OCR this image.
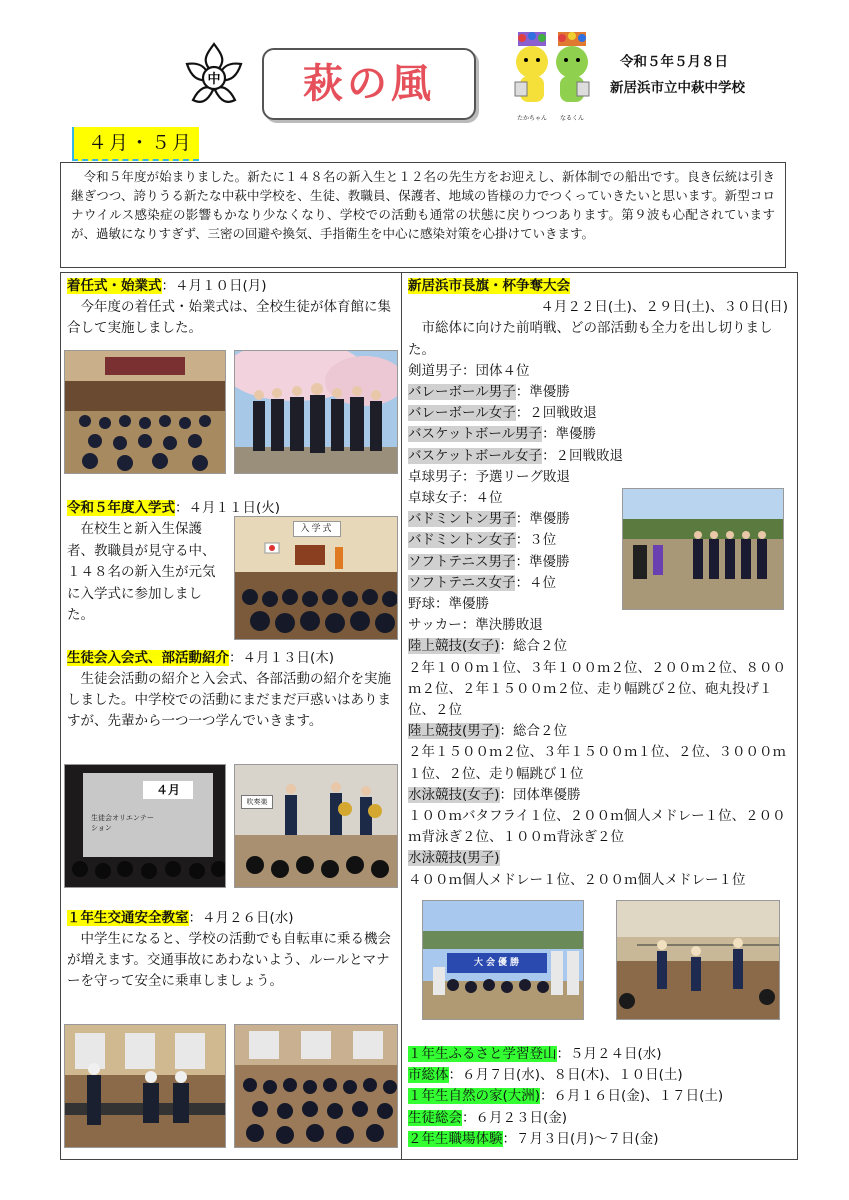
中	萩の風
たかちゃん	なるくん
令和５年５月８日
新居浜市立中萩中学校
４月・５月

　令和５年度が始まりました。新たに１４８名の新入生と１２名の先生方をお迎えし、新体制での船出です。良き伝統は引き継ぎつつ、誇りうる新たな中萩中学校を、生徒、教職員、保護者、地域の皆様の力でつくっていきたいと思います。新型コロナウイルス感染症の影響もかなり少なくなり、学校での活動も通常の状態に戻りつつあります。第９波も心配されていますが、過敏になりすぎず、三密の回避や換気、手指衛生を中心に感染対策を心掛けていきます。

着任式・始業式：４月１０日(月)

　今年度の着任式・始業式は、全校生徒が体育館に集合して実施しました。

令和５年度入学式：４月１１日(火)

　在校生と新入生保護者、教職員が見守る中、１４８名の新入生が元気に入学式に参加しました。

入学式
生徒会入会式、部活動紹介：４月１３日(木)

　生徒会活動の紹介と入会式、各部活動の紹介を実施しました。中学校での活動にまだまだ戸惑いはありますが、先輩から一つ一つ学んでいきます。

４月
生徒会オリエンテーション
吹奏楽
１年生交通安全教室：４月２６日(水)

　中学生になると、学校の活動でも自転車に乗る機会が増えます。交通事故にあわないよう、ルールとマナーを守って安全に乗車しましょう。

新居浜市長旗・杯争奪大会
４月２２日(土)、２９日(土)、３０日(日)

　市総体に向けた前哨戦、どの部活動も全力を出し切りました。

剣道男子：団体４位
バレーボール男子：準優勝
バレーボール女子：２回戦敗退
バスケットボール男子：準優勝
バスケットボール女子：２回戦敗退
卓球男子：予選リーグ敗退
卓球女子：４位
バドミントン男子：準優勝
バドミントン女子：３位
ソフトテニス男子：準優勝
ソフトテニス女子：４位
野球：準優勝
サッカー：準決勝敗退
陸上競技(女子)：総合２位

２年１００ｍ１位、３年１００ｍ２位、２００ｍ２位、８００ｍ２位、２年１５００ｍ２位、走り幅跳び２位、砲丸投げ１位、２位

陸上競技(男子)：総合２位

２年１５００ｍ２位、３年１５００ｍ１位、２位、３０００ｍ１位、２位、走り幅跳び１位

水泳競技(女子)：団体準優勝

１００ｍバタフライ１位、２００ｍ個人メドレー１位、２００ｍ背泳ぎ２位、１００ｍ背泳ぎ２位

水泳競技(男子)

４００ｍ個人メドレー１位、２００ｍ個人メドレー１位

大会優勝
１年生ふるさと学習登山：５月２４日(水)
市総体：６月７日(水)、８日(木)、１０日(土)
１年生自然の家(大洲)：６月１６日(金)、１７日(土)
生徒総会：６月２３日(金)
２年生職場体験：７月３日(月)～７日(金)
